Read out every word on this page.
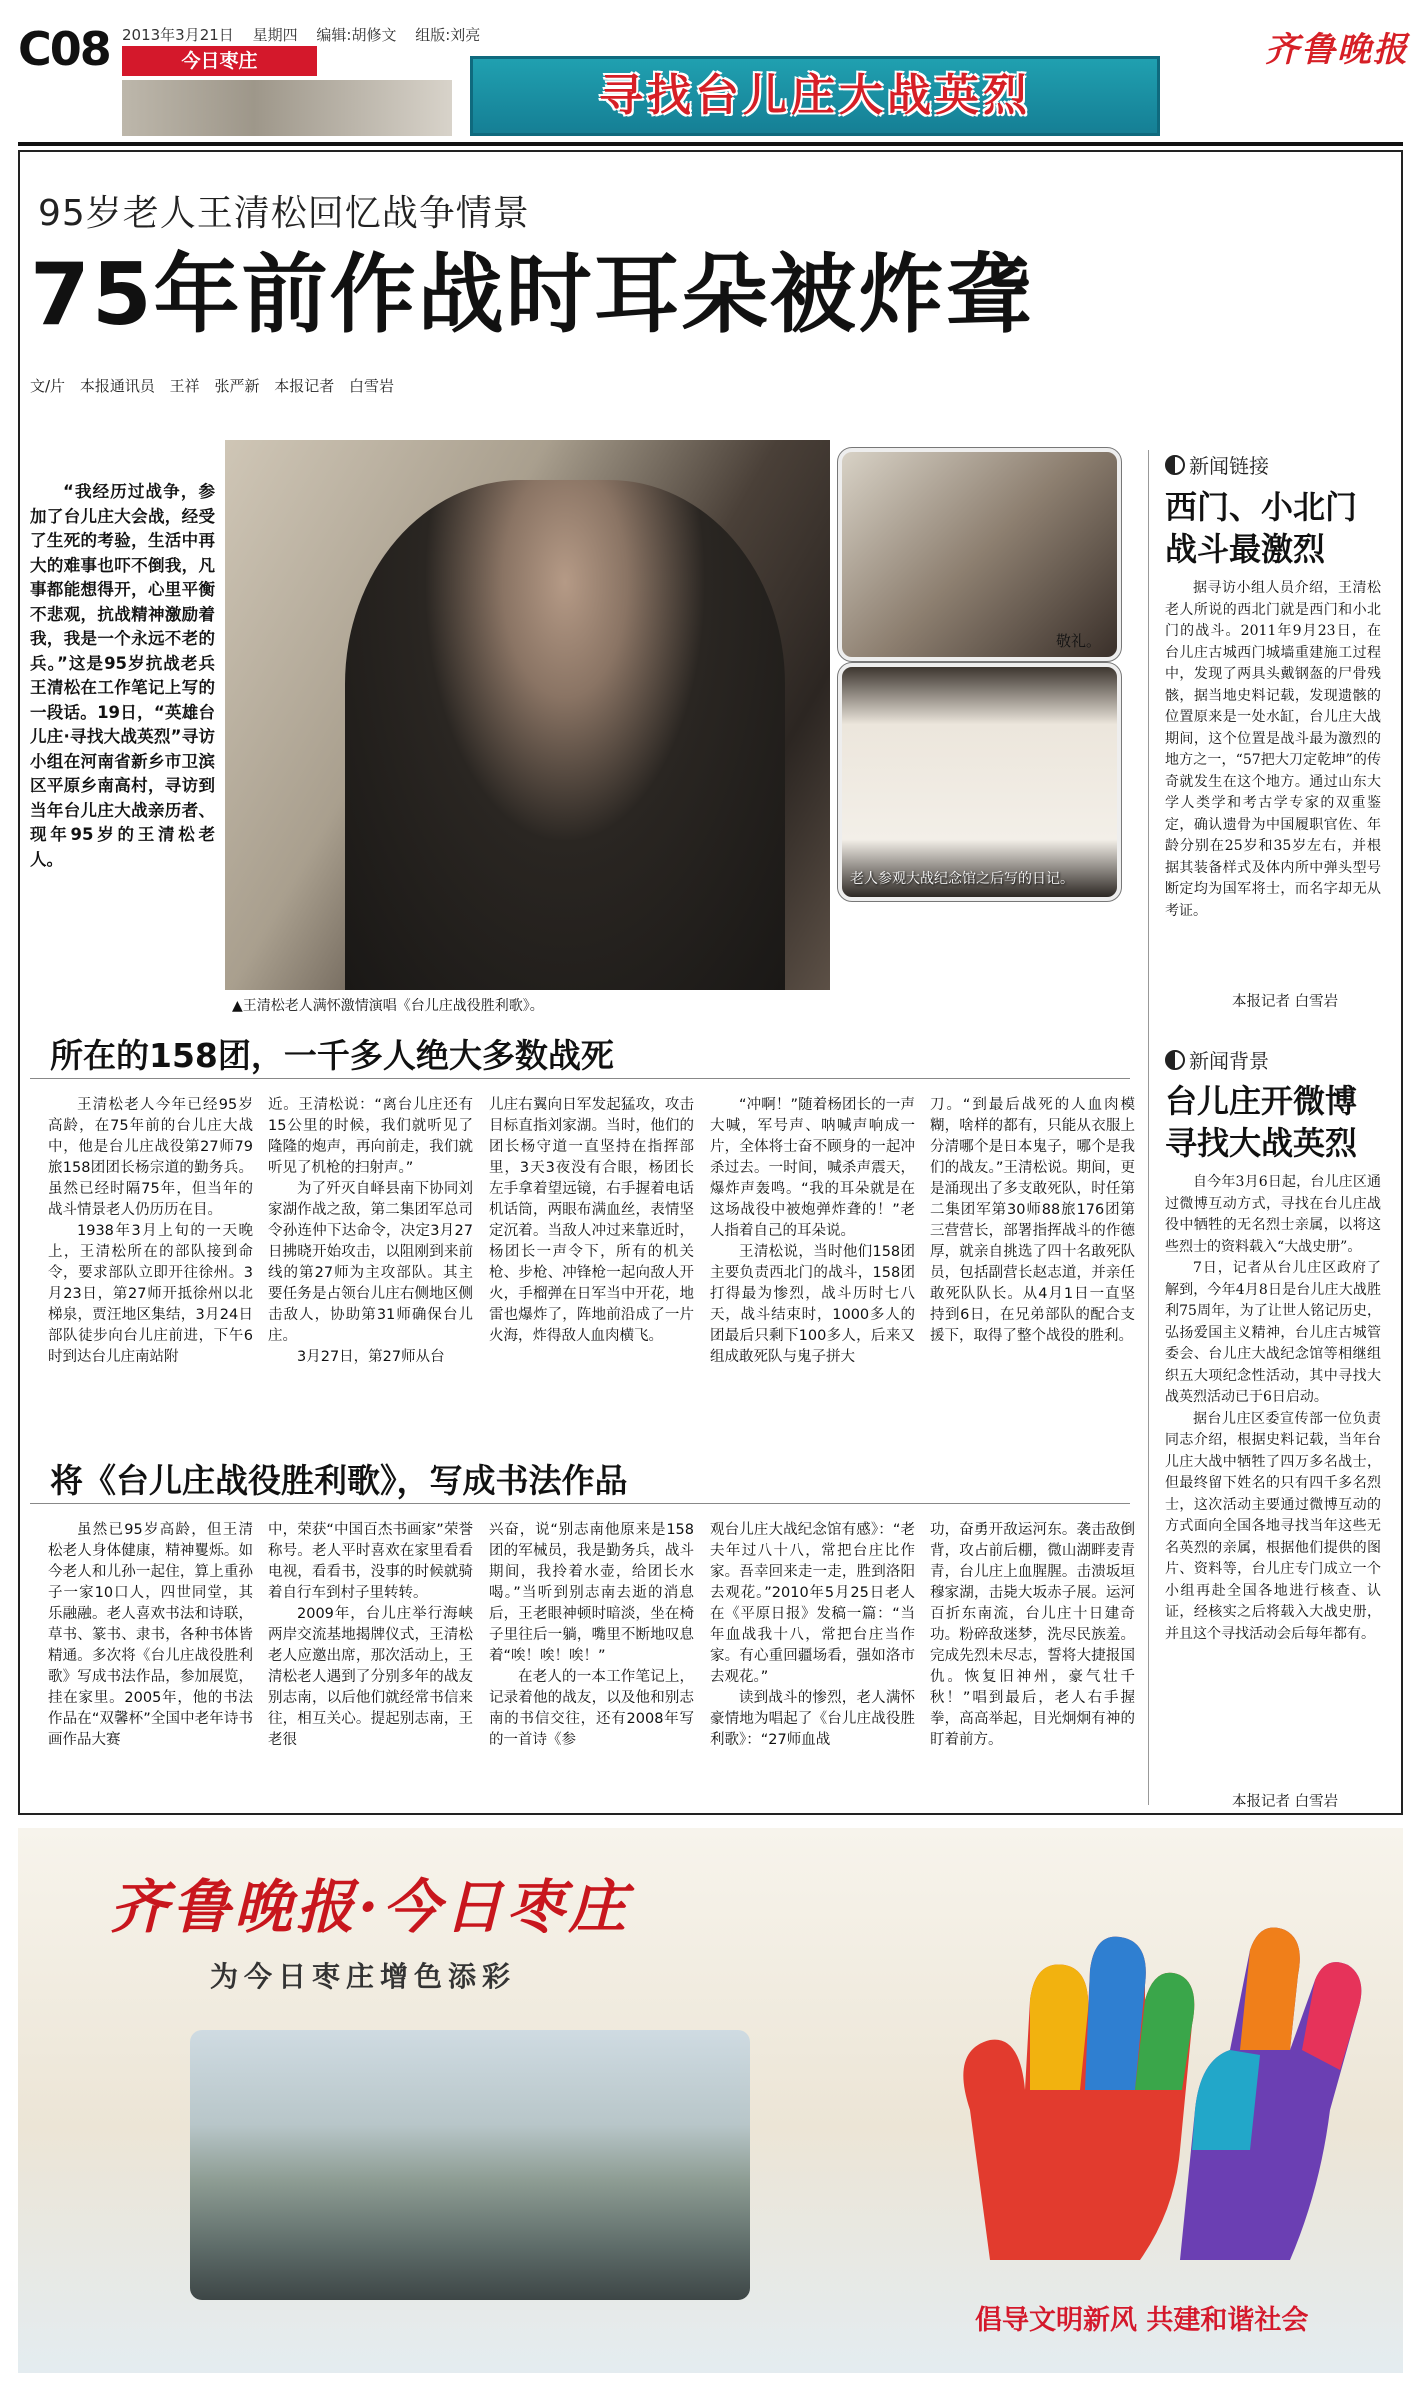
C08 2013年3月21日 星期四 编辑:胡修文 组版:刘亮
今日枣庄
寻找台儿庄大战英烈
齐鲁晚报
95岁老人王清松回忆战争情景
75年前作战时耳朵被炸聋
文/片 本报通讯员 王祥 张严新 本报记者 白雪岩
“我经历过战争，参加了台儿庄大会战，经受了生死的考验，生活中再大的难事也吓不倒我，凡事都能想得开，心里平衡不悲观，抗战精神激励着我，我是一个永远不老的兵。”这是95岁抗战老兵王清松在工作笔记上写的一段话。19日，“英雄台儿庄·寻找大战英烈”寻访小组在河南省新乡市卫滨区平原乡南高村，寻访到当年台儿庄大战亲历者、现年95岁的王清松老人。
▲王清松老人满怀激情演唱《台儿庄战役胜利歌》。
敬礼。
老人参观大战纪念馆之后写的日记。
所在的158团，一千多人绝大多数战死

王清松老人今年已经95岁高龄，在75年前的台儿庄大战中，他是台儿庄战役第27师79旅158团团长杨宗道的勤务兵。虽然已经时隔75年，但当年的战斗情景老人仍历历在目。

1938年3月上旬的一天晚上，王清松所在的部队接到命令，要求部队立即开往徐州。3月23日，第27师开抵徐州以北梯泉，贾汪地区集结，3月24日部队徒步向台儿庄前进，下午6时到达台儿庄南站附

近。王清松说：“离台儿庄还有15公里的时候，我们就听见了隆隆的炮声，再向前走，我们就听见了机枪的扫射声。”

为了歼灭自峄县南下协同刘家湖作战之敌，第二集团军总司令孙连仲下达命令，决定3月27日拂晓开始攻击，以阻刚到来前线的第27师为主攻部队。其主要任务是占领台儿庄右侧地区侧击敌人，协助第31师确保台儿庄。

3月27日，第27师从台

儿庄右翼向日军发起猛攻，攻击目标直指刘家湖。当时，他们的团长杨守道一直坚持在指挥部里，3天3夜没有合眼，杨团长左手拿着望远镜，右手握着电话机话筒，两眼布满血丝，表情坚定沉着。当敌人冲过来靠近时，杨团长一声令下，所有的机关枪、步枪、冲锋枪一起向敌人开火，手榴弹在日军当中开花，地雷也爆炸了，阵地前沿成了一片火海，炸得敌人血肉横飞。

“冲啊！”随着杨团长的一声大喊，军号声、呐喊声响成一片，全体将士奋不顾身的一起冲杀过去。一时间，喊杀声震天，爆炸声轰鸣。“我的耳朵就是在这场战役中被炮弹炸聋的！”老人指着自己的耳朵说。

王清松说，当时他们158团主要负责西北门的战斗，158团打得最为惨烈，战斗历时七八天，战斗结束时，1000多人的团最后只剩下100多人，后来又组成敢死队与鬼子拼大

刀。“到最后战死的人血肉模糊，啥样的都有，只能从衣服上分清哪个是日本鬼子，哪个是我们的战友。”王清松说。期间，更是涌现出了多支敢死队，时任第二集团军第30师88旅176团第三营营长，部署指挥战斗的作德厚，就亲自挑选了四十名敢死队员，包括副营长赵志道，并亲任敢死队队长。从4月1日一直坚持到6日，在兄弟部队的配合支援下，取得了整个战役的胜利。

将《台儿庄战役胜利歌》，写成书法作品

虽然已95岁高龄，但王清松老人身体健康，精神矍烁。如今老人和儿孙一起住，算上重孙子一家10口人，四世同堂，其乐融融。老人喜欢书法和诗联，草书、篆书、隶书，各种书体皆精通。多次将《台儿庄战役胜利歌》写成书法作品，参加展览，挂在家里。2005年，他的书法作品在“双馨杯”全国中老年诗书画作品大赛

中，荣获“中国百杰书画家”荣誉称号。老人平时喜欢在家里看看电视，看看书，没事的时候就骑着自行车到村子里转转。

2009年，台儿庄举行海峡两岸交流基地揭牌仪式，王清松老人应邀出席，那次活动上，王清松老人遇到了分别多年的战友别志南，以后他们就经常书信来往，相互关心。提起别志南，王老很

兴奋，说“别志南他原来是158团的军械员，我是勤务兵，战斗期间，我拎着水壶，给团长水喝。”当听到别志南去逝的消息后，王老眼神顿时暗淡，坐在椅子里往后一躺，嘴里不断地叹息着“唉！唉！唉！”

在老人的一本工作笔记上，记录着他的战友，以及他和别志南的书信交往，还有2008年写的一首诗《参

观台儿庄大战纪念馆有感》：“老夫年过八十八，常把台庄比作家。吾幸回来走一走，胜到洛阳去观花。”2010年5月25日老人在《平原日报》发稿一篇：“当年血战我十八，常把台庄当作家。有心重回疆场看，强如洛市去观花。”

读到战斗的惨烈，老人满怀豪情地为唱起了《台儿庄战役胜利歌》：“27师血战

功，奋勇开敌运河东。袭击敌倒背，攻占前后棚，微山湖畔麦青青，台儿庄上血腥腥。击溃坂垣穆家湖，击毙大坂赤子展。运河百折东南流，台儿庄十日建奇功。粉碎敌迷梦，洗尽民族羞。完成先烈未尽志，誓将大捷报国仇。恢复旧神州，豪气壮千秋！”唱到最后，老人右手握拳，高高举起，目光炯炯有神的盯着前方。

新闻链接
西门、小北门
战斗最激烈
据寻访小组人员介绍，王清松老人所说的西北门就是西门和小北门的战斗。2011年9月23日，在台儿庄古城西门城墙重建施工过程中，发现了两具头戴钢盔的尸骨残骸，据当地史料记载，发现遗骸的位置原来是一处水缸，台儿庄大战期间，这个位置是战斗最为激烈的地方之一，“57把大刀定乾坤”的传奇就发生在这个地方。通过山东大学人类学和考古学专家的双重鉴定，确认遗骨为中国履职官佐、年龄分别在25岁和35岁左右，并根据其装备样式及体内所中弹头型号断定均为国军将士，而名字却无从考证。
本报记者 白雪岩
新闻背景
台儿庄开微博
寻找大战英烈

自今年3月6日起，台儿庄区通过微博互动方式，寻找在台儿庄战役中牺牲的无名烈士亲属，以将这些烈士的资料载入“大战史册”。

7日，记者从台儿庄区政府了解到，今年4月8日是台儿庄大战胜利75周年，为了让世人铭记历史，弘扬爱国主义精神，台儿庄古城管委会、台儿庄大战纪念馆等相继组织五大项纪念性活动，其中寻找大战英烈活动已于6日启动。

据台儿庄区委宣传部一位负责同志介绍，根据史料记载，当年台儿庄大战中牺牲了四万多名战士，但最终留下姓名的只有四千多名烈士，这次活动主要通过微博互动的方式面向全国各地寻找当年这些无名英烈的亲属，根据他们提供的图片、资料等，台儿庄专门成立一个小组再赴全国各地进行核查、认证，经核实之后将载入大战史册，并且这个寻找活动会后每年都有。

本报记者 白雪岩
齐鲁晚报·今日枣庄
为今日枣庄增色添彩
倡导文明新风 共建和谐社会
